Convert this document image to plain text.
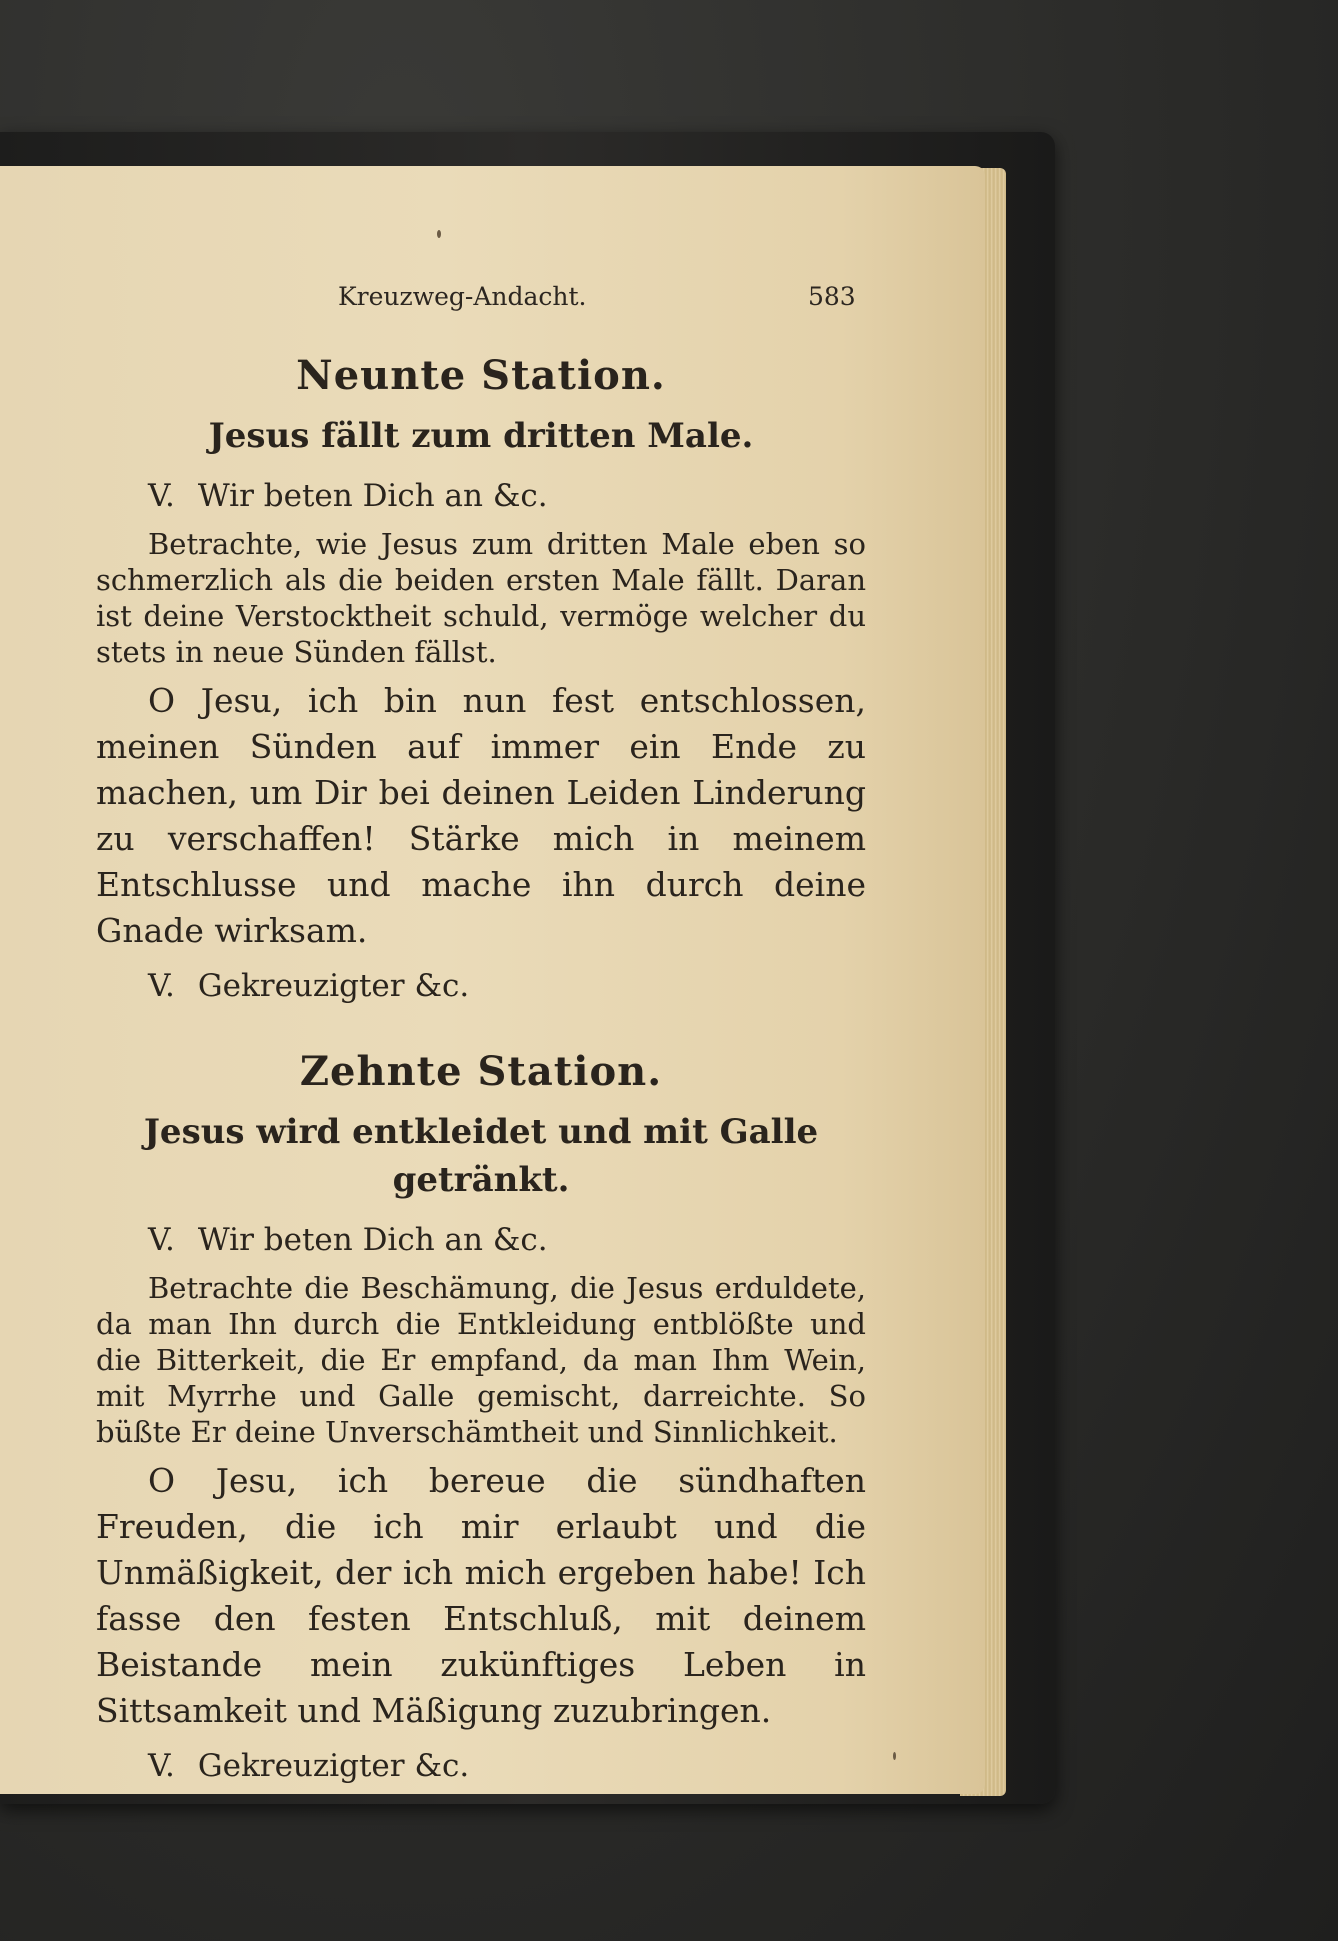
Kreuzweg-Andacht.	583
Neunte Station.
Jesus fällt zum dritten Male.
V. Wir beten Dich an &c.

Betrachte, wie Jesus zum dritten Male eben so schmerzlich als die beiden ersten Male fällt. Daran ist deine Verstocktheit schuld, vermöge welcher du stets in neue Sünden fällst.

O Jesu, ich bin nun fest entschlossen, meinen Sünden auf immer ein Ende zu machen, um Dir bei deinen Leiden Linderung zu verschaffen! Stärke mich in meinem Entschlusse und mache ihn durch deine Gnade wirksam.

V. Gekreuzigter &c.
Zehnte Station.
Jesus wird entkleidet und mit Galle getränkt.
V. Wir beten Dich an &c.

Betrachte die Beschämung, die Jesus erduldete, da man Ihn durch die Entkleidung entblößte und die Bitterkeit, die Er empfand, da man Ihm Wein, mit Myrrhe und Galle gemischt, darreichte. So büßte Er deine Unverschämtheit und Sinnlichkeit.

O Jesu, ich bereue die sündhaften Freuden, die ich mir erlaubt und die Unmäßigkeit, der ich mich ergeben habe! Ich fasse den festen Entschluß, mit deinem Beistande mein zukünftiges Leben in Sittsamkeit und Mäßigung zuzubringen.

V. Gekreuzigter &c.
